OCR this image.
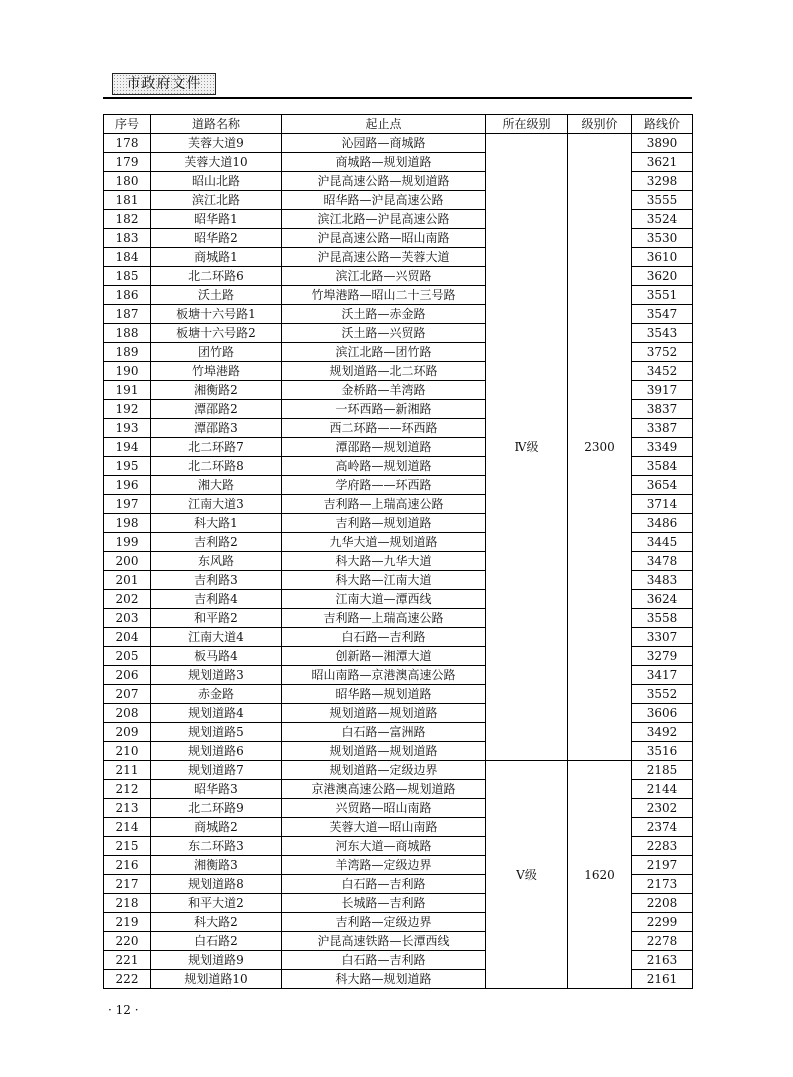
市政府文件
序号	道路名称	起止点	所在级别	级别价	路线价
178	芙蓉大道9	沁园路—商城路	Ⅳ级	2300	3890
179	芙蓉大道10	商城路—规划道路			3621
180	昭山北路	沪昆高速公路—规划道路			3298
181	滨江北路	昭华路—沪昆高速公路			3555
182	昭华路1	滨江北路—沪昆高速公路			3524
183	昭华路2	沪昆高速公路—昭山南路			3530
184	商城路1	沪昆高速公路—芙蓉大道			3610
185	北二环路6	滨江北路—兴贸路			3620
186	沃土路	竹埠港路—昭山二十三号路			3551
187	板塘十六号路1	沃土路—赤金路			3547
188	板塘十六号路2	沃土路—兴贸路			3543
189	团竹路	滨江北路—团竹路			3752
190	竹埠港路	规划道路—北二环路			3452
191	湘衡路2	金桥路—羊湾路			3917
192	潭邵路2	一环西路—新湘路			3837
193	潭邵路3	西二环路——环西路			3387
194	北二环路7	潭邵路—规划道路			3349
195	北二环路8	高岭路—规划道路			3584
196	湘大路	学府路——环西路			3654
197	江南大道3	吉利路—上瑞高速公路			3714
198	科大路1	吉利路—规划道路			3486
199	吉利路2	九华大道—规划道路			3445
200	东风路	科大路—九华大道			3478
201	吉利路3	科大路—江南大道			3483
202	吉利路4	江南大道—潭西线			3624
203	和平路2	吉利路—上瑞高速公路			3558
204	江南大道4	白石路—吉利路			3307
205	板马路4	创新路—湘潭大道			3279
206	规划道路3	昭山南路—京港澳高速公路			3417
207	赤金路	昭华路—规划道路			3552
208	规划道路4	规划道路—规划道路			3606
209	规划道路5	白石路—富洲路			3492
210	规划道路6	规划道路—规划道路			3516
211	规划道路7	规划道路—定级边界	Ⅴ级	1620	2185
212	昭华路3	京港澳高速公路—规划道路			2144
213	北二环路9	兴贸路—昭山南路			2302
214	商城路2	芙蓉大道—昭山南路			2374
215	东二环路3	河东大道—商城路			2283
216	湘衡路3	羊湾路—定级边界			2197
217	规划道路8	白石路—吉利路			2173
218	和平大道2	长城路—吉利路			2208
219	科大路2	吉利路—定级边界			2299
220	白石路2	沪昆高速铁路—长潭西线			2278
221	规划道路9	白石路—吉利路			2163
222	规划道路10	科大路—规划道路			2161
· 12 ·
